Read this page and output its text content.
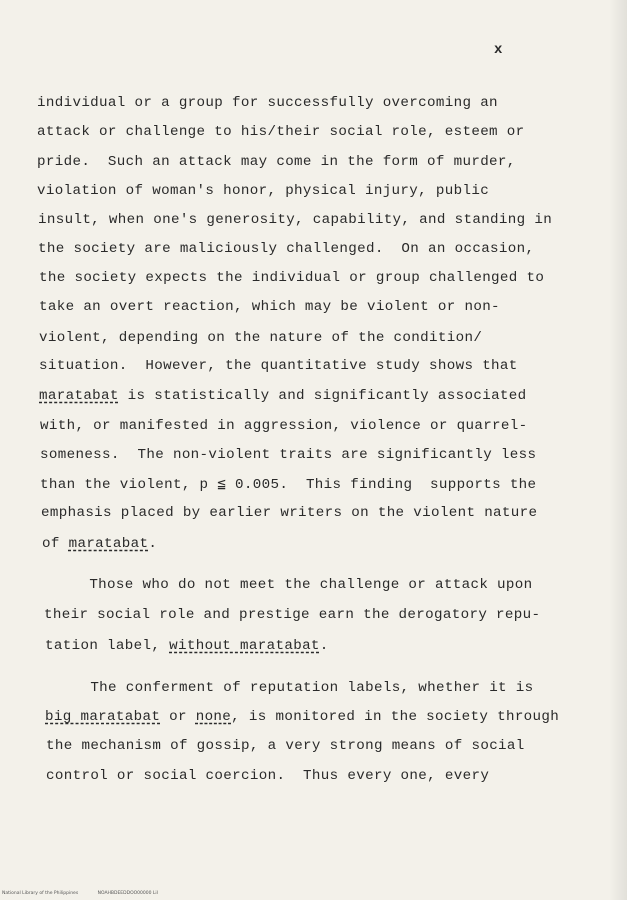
x
individual or a group for successfully overcoming an
attack or challenge to his/their social role, esteem or
pride.  Such an attack may come in the form of murder,
violation of woman's honor, physical injury, public
insult, when one's generosity, capability, and standing in
the society are maliciously challenged.  On an occasion,
the society expects the individual or group challenged to
take an overt reaction, which may be violent or non-
violent, depending on the nature of the condition/
situation.  However, the quantitative study shows that
maratabat is statistically and significantly associated
with, or manifested in aggression, violence or quarrel-
someness.  The non-violent traits are significantly less
than the violent, p ≦ 0.005.  This finding  supports the
emphasis placed by earlier writers on the violent nature
of maratabat.
Those who do not meet the challenge or attack upon
their social role and prestige earn the derogatory repu-
tation label, without maratabat.
The conferment of reputation labels, whether it is
big maratabat or none, is monitored in the society through
the mechanism of gossip, a very strong means of social
control or social coercion.  Thus every one, every
National Library of the Philippines	NOAHBDEEDDOO00000 Lil
